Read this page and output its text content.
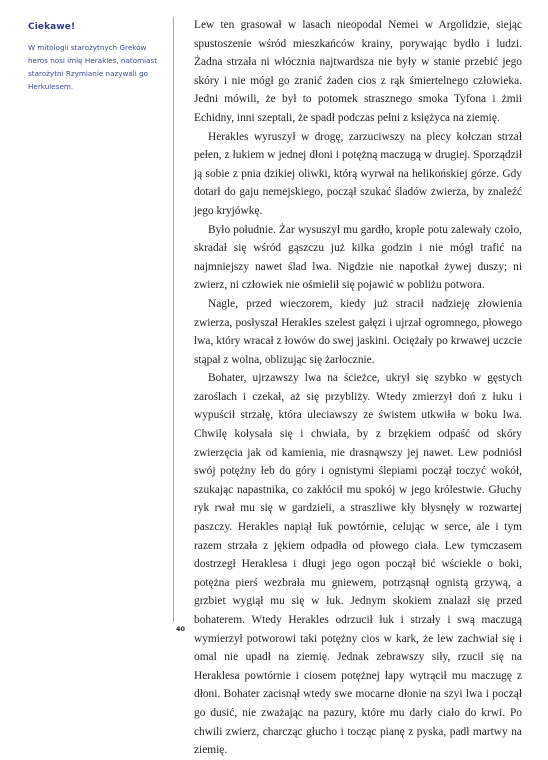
Ciekawe!

W mitologii starożytnych Greków heros nosi imię Herakles, natomiast starożytni Rzymianie nazywali go Herkulesem.

Lew ten grasował w lasach nieopodal Nemei w Argolidzie, siejąc spustoszenie wśród mieszkańców krainy, porywając bydło i ludzi. Żadna strzała ni włócznia najtwardsza nie były w stanie przebić jego skóry i nie mógł go zranić żaden cios z rąk śmiertelnego człowieka. Jedni mówili, że był to potomek strasznego smoka Tyfona i żmii Echidny, inni szeptali, że spadł podczas pełni z księżyca na ziemię.

Herakles wyruszył w drogę, zarzuciwszy na plecy kołczan strzał pełen, z łukiem w jednej dłoni i potężną maczugą w drugiej. Sporządził ją sobie z pnia dzikiej oliwki, którą wyrwał na helikońskiej górze. Gdy dotarł do gaju nemejskiego, począł szukać śladów zwierza, by znaleźć jego kryjówkę.

Było południe. Żar wysuszył mu gardło, krople potu zalewały czoło, skradał się wśród gąszczu już kilka godzin i nie mógł trafić na najmniejszy nawet ślad lwa. Nigdzie nie napotkał żywej duszy; ni zwierz, ni człowiek nie ośmielił się pojawić w pobliżu potwora.

Nagle, przed wieczorem, kiedy już stracił nadzieję złowienia zwierza, posłyszał Herakles szelest gałęzi i ujrzał ogromnego, płowego lwa, który wracał z łowów do swej jaskini. Ociężały po krwawej uczcie stąpał z wolna, oblizując się żarłocznie.

Bohater, ujrzawszy lwa na ścieżce, ukrył się szybko w gęstych zaroślach i czekał, aż się przybliży. Wtedy zmierzył doń z łuku i wypuścił strzałę, która uleciawszy ze świstem utkwiła w boku lwa. Chwilę kołysała się i chwiała, by z brzękiem odpaść od skóry zwierzęcia jak od kamienia, nie drasnąwszy jej nawet. Lew podniósł swój potężny łeb do góry i ognistymi ślepiami począł toczyć wokół, szukając napastnika, co zakłócił mu spokój w jego królestwie. Głuchy ryk rwał mu się w gardzieli, a straszliwe kły błysnęły w rozwartej paszczy. Herakles napiął łuk powtórnie, celując w serce, ale i tym razem strzała z jękiem odpadła od płowego ciała. Lew tymczasem dostrzegł Heraklesa i długi jego ogon począł bić wściekle o boki, potężna pierś wezbrała mu gniewem, potrząsnął ognistą grzywą, a grzbiet wygiął mu się w łuk. Jednym skokiem znalazł się przed bohaterem. Wtedy Herakles odrzucił łuk i strzały i swą maczugą wymierzył potworowi taki potężny cios w kark, że lew zachwiał się i omal nie upadł na ziemię. Jednak zebrawszy siły, rzucił się na Heraklesa powtórnie i ciosem potężnej łapy wytrącił mu maczugę z dłoni. Bohater zacisnął wtedy swe mocarne dłonie na szyi lwa i począł go dusić, nie zważając na pazury, które mu darły ciało do krwi. Po chwili zwierz, charcząc głucho i tocząc pianę z pyska, padł martwy na ziemię.

40
